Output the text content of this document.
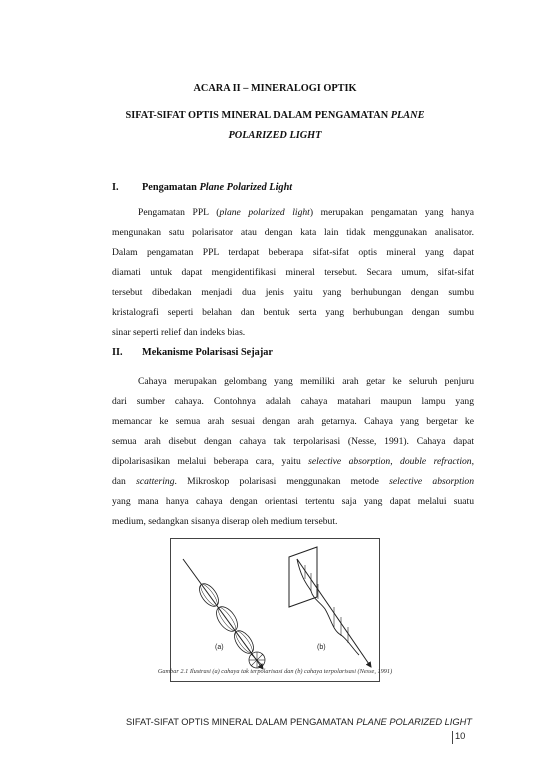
ACARA II – MINERALOGI OPTIK
SIFAT-SIFAT OPTIS MINERAL DALAM PENGAMATAN PLANE
POLARIZED LIGHT
I. Pengamatan Plane Polarized Light
Pengamatan PPL (plane polarized light) merupakan pengamatan yang hanya
mengunakan satu polarisator atau dengan kata lain tidak menggunakan analisator.
Dalam pengamatan PPL terdapat beberapa sifat-sifat optis mineral yang dapat
diamati untuk dapat mengidentifikasi mineral tersebut. Secara umum, sifat-sifat
tersebut dibedakan menjadi dua jenis yaitu yang berhubungan dengan sumbu
kristalografi seperti belahan dan bentuk serta yang berhubungan dengan sumbu
sinar seperti relief dan indeks bias.
II. Mekanisme Polarisasi Sejajar
Cahaya merupakan gelombang yang memiliki arah getar ke seluruh penjuru
dari sumber cahaya. Contohnya adalah cahaya matahari maupun lampu yang
memancar ke semua arah sesuai dengan arah getarnya. Cahaya yang bergetar ke
semua arah disebut dengan cahaya tak terpolarisasi (Nesse, 1991). Cahaya dapat
dipolarisasikan melalui beberapa cara, yaitu selective absorption, double refraction,
dan scattering. Mikroskop polarisasi menggunakan metode selective absorption
yang mana hanya cahaya dengan orientasi tertentu saja yang dapat melalui suatu
medium, sedangkan sisanya diserap oleh medium tersebut.
(a)	(b)
Gambar 2.1 Ilustrasi (a) cahaya tak terpolarisasi dan (b) cahaya terpolarisasi (Nesse, 1991)
SIFAT-SIFAT OPTIS MINERAL DALAM PENGAMATAN PLANE POLARIZED LIGHT
10
